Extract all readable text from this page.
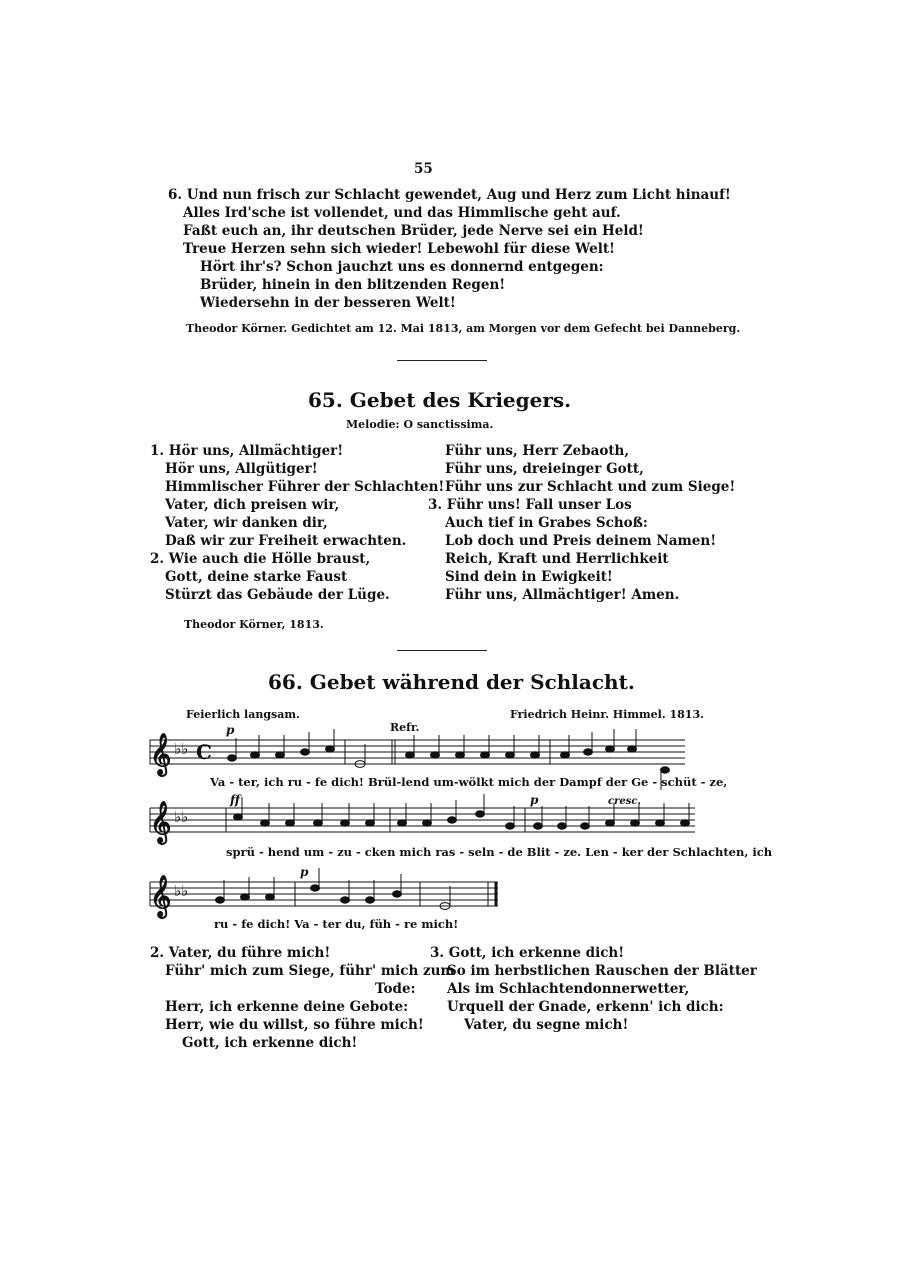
55
6. Und nun frisch zur Schlacht gewendet, Aug und Herz zum Licht hinauf!
Alles Ird'sche ist vollendet, und das Himmlische geht auf.
Faßt euch an, ihr deutschen Brüder, jede Nerve sei ein Held!
Treue Herzen sehn sich wieder! Lebewohl für diese Welt!
Hört ihr's? Schon jauchzt uns es donnernd entgegen:
Brüder, hinein in den blitzenden Regen!
Wiedersehn in der besseren Welt!
Theodor Körner. Gedichtet am 12. Mai 1813, am Morgen vor dem Gefecht bei Danneberg.
65. Gebet des Kriegers.
Melodie: O sanctissima.
1. Hör uns, Allmächtiger!
Hör uns, Allgütiger!
Himmlischer Führer der Schlachten!
Vater, dich preisen wir,
Vater, wir danken dir,
Daß wir zur Freiheit erwachten.
2. Wie auch die Hölle braust,
Gott, deine starke Faust
Stürzt das Gebäude der Lüge.
Führ uns, Herr Zebaoth,
Führ uns, dreieinger Gott,
Führ uns zur Schlacht und zum Siege!
3. Führ uns! Fall unser Los
Auch tief in Grabes Schoß:
Lob doch und Preis deinem Namen!
Reich, Kraft und Herrlichkeit
Sind dein in Ewigkeit!
Führ uns, Allmächtiger! Amen.
Theodor Körner, 1813.
66. Gebet während der Schlacht.
Feierlich langsam.	Friedrich Heinr. Himmel. 1813.
𝄞 ♭♭ C
𝄞 ♭♭
𝄞 ♭♭
p
ff	p	cresc.
p
Refr.
Va - ter, ich ru - fe dich! Brül-lend um-wölkt mich der Dampf der Ge - schüt - ze,
sprü - hend um - zu - cken mich ras - seln - de Blit - ze. Len - ker der Schlachten, ich
ru - fe dich! Va - ter du, füh - re mich!
2. Vater, du führe mich!
Führ' mich zum Siege, führ' mich zum
Tode:
Herr, ich erkenne deine Gebote:
Herr, wie du willst, so führe mich!
Gott, ich erkenne dich!
3. Gott, ich erkenne dich!
So im herbstlichen Rauschen der Blätter
Als im Schlachtendonnerwetter,
Urquell der Gnade, erkenn' ich dich:
Vater, du segne mich!
